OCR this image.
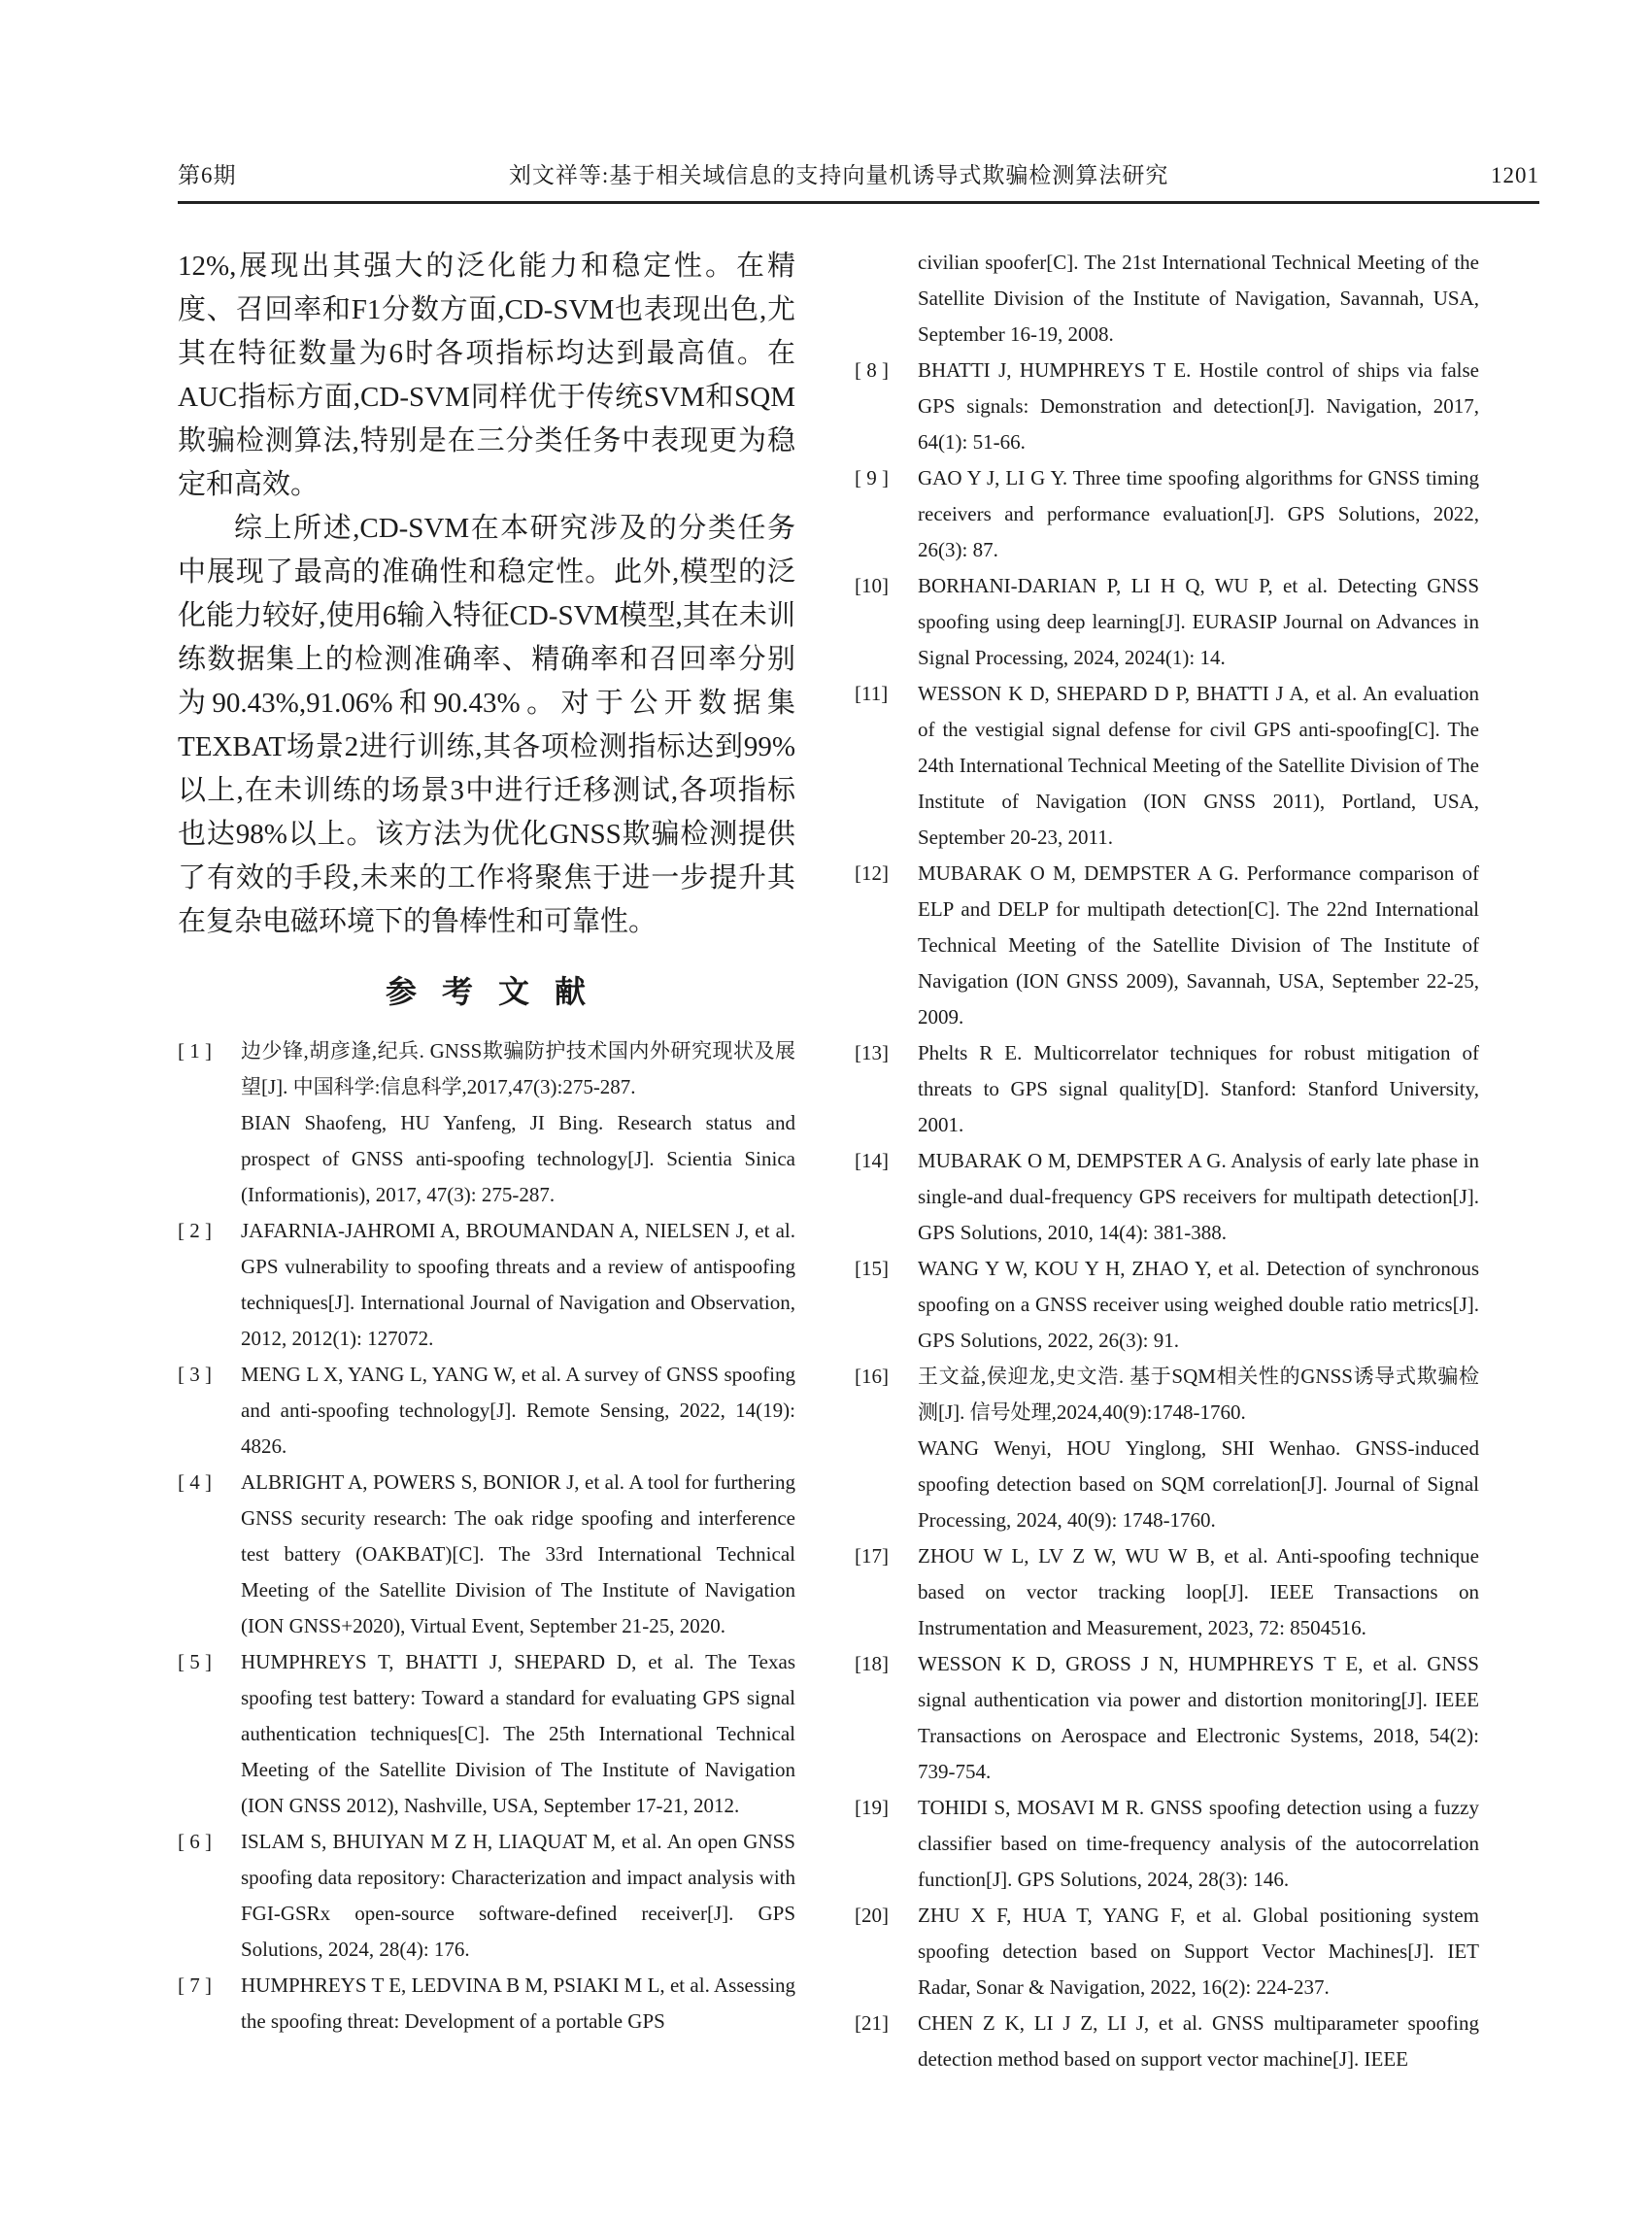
第6期	刘文祥等:基于相关域信息的支持向量机诱导式欺骗检测算法研究	1201

12%,展现出其强大的泛化能力和稳定性。在精度、召回率和F1分数方面,CD-SVM也表现出色,尤其在特征数量为6时各项指标均达到最高值。在AUC指标方面,CD-SVM同样优于传统SVM和SQM欺骗检测算法,特别是在三分类任务中表现更为稳定和高效。

综上所述,CD-SVM在本研究涉及的分类任务中展现了最高的准确性和稳定性。此外,模型的泛化能力较好,使用6输入特征CD-SVM模型,其在未训练数据集上的检测准确率、精确率和召回率分别为90.43%,91.06%和90.43%。对于公开数据集TEXBAT场景2进行训练,其各项检测指标达到99%以上,在未训练的场景3中进行迁移测试,各项指标也达98%以上。该方法为优化GNSS欺骗检测提供了有效的手段,未来的工作将聚焦于进一步提升其在复杂电磁环境下的鲁棒性和可靠性。

参 考 文 献
[ 1 ] 边少锋,胡彦逢,纪兵. GNSS欺骗防护技术国内外研究现状及展望[J]. 中国科学:信息科学,2017,47(3):275-287.
BIAN Shaofeng, HU Yanfeng, JI Bing. Research status and prospect of GNSS anti-spoofing technology[J]. Scientia Sinica (Informationis), 2017, 47(3): 275-287.
[ 2 ] JAFARNIA-JAHROMI A, BROUMANDAN A, NIELSEN J, et al. GPS vulnerability to spoofing threats and a review of antispoofing techniques[J]. International Journal of Navigation and Observation, 2012, 2012(1): 127072.
[ 3 ] MENG L X, YANG L, YANG W, et al. A survey of GNSS spoofing and anti-spoofing technology[J]. Remote Sensing, 2022, 14(19): 4826.
[ 4 ] ALBRIGHT A, POWERS S, BONIOR J, et al. A tool for furthering GNSS security research: The oak ridge spoofing and interference test battery (OAKBAT)[C]. The 33rd International Technical Meeting of the Satellite Division of The Institute of Navigation (ION GNSS+2020), Virtual Event, September 21-25, 2020.
[ 5 ] HUMPHREYS T, BHATTI J, SHEPARD D, et al. The Texas spoofing test battery: Toward a standard for evaluating GPS signal authentication techniques[C]. The 25th International Technical Meeting of the Satellite Division of The Institute of Navigation (ION GNSS 2012), Nashville, USA, September 17-21, 2012.
[ 6 ] ISLAM S, BHUIYAN M Z H, LIAQUAT M, et al. An open GNSS spoofing data repository: Characterization and impact analysis with FGI-GSRx open-source software-defined receiver[J]. GPS Solutions, 2024, 28(4): 176.
[ 7 ] HUMPHREYS T E, LEDVINA B M, PSIAKI M L, et al. Assessing the spoofing threat: Development of a portable GPS
civilian spoofer[C]. The 21st International Technical Meeting of the Satellite Division of the Institute of Navigation, Savannah, USA, September 16-19, 2008.
[ 8 ] BHATTI J, HUMPHREYS T E. Hostile control of ships via false GPS signals: Demonstration and detection[J]. Navigation, 2017, 64(1): 51-66.
[ 9 ] GAO Y J, LI G Y. Three time spoofing algorithms for GNSS timing receivers and performance evaluation[J]. GPS Solutions, 2022, 26(3): 87.
[10] BORHANI-DARIAN P, LI H Q, WU P, et al. Detecting GNSS spoofing using deep learning[J]. EURASIP Journal on Advances in Signal Processing, 2024, 2024(1): 14.
[11] WESSON K D, SHEPARD D P, BHATTI J A, et al. An evaluation of the vestigial signal defense for civil GPS anti-spoofing[C]. The 24th International Technical Meeting of the Satellite Division of The Institute of Navigation (ION GNSS 2011), Portland, USA, September 20-23, 2011.
[12] MUBARAK O M, DEMPSTER A G. Performance comparison of ELP and DELP for multipath detection[C]. The 22nd International Technical Meeting of the Satellite Division of The Institute of Navigation (ION GNSS 2009), Savannah, USA, September 22-25, 2009.
[13] Phelts R E. Multicorrelator techniques for robust mitigation of threats to GPS signal quality[D]. Stanford: Stanford University, 2001.
[14] MUBARAK O M, DEMPSTER A G. Analysis of early late phase in single-and dual-frequency GPS receivers for multipath detection[J]. GPS Solutions, 2010, 14(4): 381-388.
[15] WANG Y W, KOU Y H, ZHAO Y, et al. Detection of synchronous spoofing on a GNSS receiver using weighed double ratio metrics[J]. GPS Solutions, 2022, 26(3): 91.
[16] 王文益,侯迎龙,史文浩. 基于SQM相关性的GNSS诱导式欺骗检测[J]. 信号处理,2024,40(9):1748-1760.
WANG Wenyi, HOU Yinglong, SHI Wenhao. GNSS-induced spoofing detection based on SQM correlation[J]. Journal of Signal Processing, 2024, 40(9): 1748-1760.
[17] ZHOU W L, LV Z W, WU W B, et al. Anti-spoofing technique based on vector tracking loop[J]. IEEE Transactions on Instrumentation and Measurement, 2023, 72: 8504516.
[18] WESSON K D, GROSS J N, HUMPHREYS T E, et al. GNSS signal authentication via power and distortion monitoring[J]. IEEE Transactions on Aerospace and Electronic Systems, 2018, 54(2): 739-754.
[19] TOHIDI S, MOSAVI M R. GNSS spoofing detection using a fuzzy classifier based on time-frequency analysis of the autocorrelation function[J]. GPS Solutions, 2024, 28(3): 146.
[20] ZHU X F, HUA T, YANG F, et al. Global positioning system spoofing detection based on Support Vector Machines[J]. IET Radar, Sonar & Navigation, 2022, 16(2): 224-237.
[21] CHEN Z K, LI J Z, LI J, et al. GNSS multiparameter spoofing detection method based on support vector machine[J]. IEEE
